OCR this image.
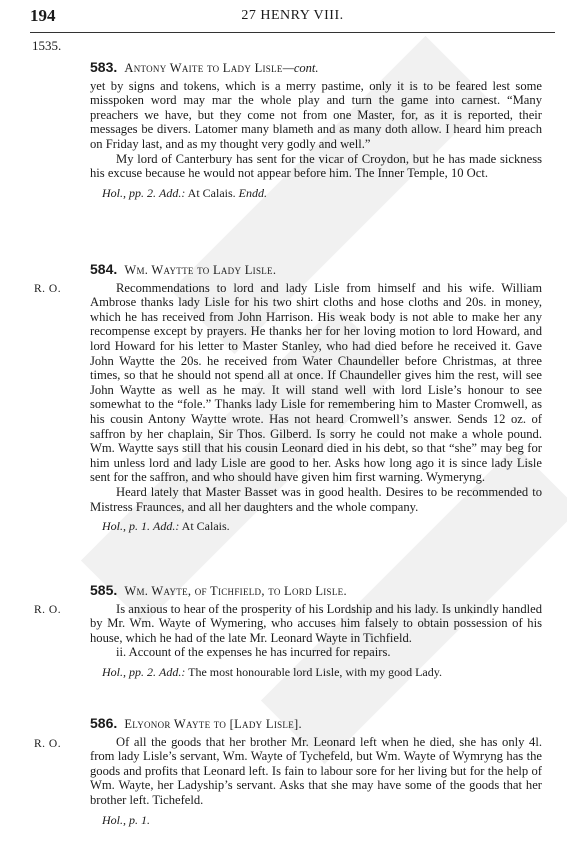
194	27 HENRY VIII.
1535.
583. Antony Waite to Lady Lisle—cont.

yet by signs and tokens, which is a merry pastime, only it is to be feared lest some misspoken word may mar the whole play and turn the game into carnest. “Many preachers we have, but they come not from one Master, for, as it is reported, their messages be divers. Latomer many blameth and as many doth allow. I heard him preach on Friday last, and as my thought very godly and well.”

My lord of Canterbury has sent for the vicar of Croydon, but he has made sickness his excuse because he would not appear before him. The Inner Temple, 10 Oct.

Hol., pp. 2. Add.: At Calais. Endd.
R. O.
584. Wm. Waytte to Lady Lisle.

Recommendations to lord and lady Lisle from himself and his wife. William Ambrose thanks lady Lisle for his two shirt cloths and hose cloths and 20s. in money, which he has received from John Harrison. His weak body is not able to make her any recompense except by prayers. He thanks her for her loving motion to lord Howard, and lord Howard for his letter to Master Stanley, who had died before he received it. Gave John Waytte the 20s. he received from Water Chaundeller before Christmas, at three times, so that he should not spend all at once. If Chaundeller gives him the rest, will see John Waytte as well as he may. It will stand well with lord Lisle’s honour to see somewhat to the “fole.” Thanks lady Lisle for remembering him to Master Cromwell, as his cousin Antony Waytte wrote. Has not heard Cromwell’s answer. Sends 12 oz. of saffron by her chaplain, Sir Thos. Gilberd. Is sorry he could not make a whole pound. Wm. Waytte says still that his cousin Leonard died in his debt, so that “she” may beg for him unless lord and lady Lisle are good to her. Asks how long ago it is since lady Lisle sent for the saffron, and who should have given him first warning. Wymeryng.

Heard lately that Master Basset was in good health. Desires to be recommended to Mistress Fraunces, and all her daughters and the whole company.

Hol., p. 1. Add.: At Calais.
R. O.
585. Wm. Wayte, of Tichfield, to Lord Lisle.

Is anxious to hear of the prosperity of his Lordship and his lady. Is unkindly handled by Mr. Wm. Wayte of Wymering, who accuses him falsely to obtain possession of his house, which he had of the late Mr. Leonard Wayte in Tichfield.

ii. Account of the expenses he has incurred for repairs.

Hol., pp. 2. Add.: The most honourable lord Lisle, with my good Lady.
R. O.
586. Elyonor Wayte to [Lady Lisle].

Of all the goods that her brother Mr. Leonard left when he died, she has only 4l. from lady Lisle’s servant, Wm. Wayte of Tychefeld, but Wm. Wayte of Wymryng has the goods and profits that Leonard left. Is fain to labour sore for her living but for the help of Wm. Wayte, her Ladyship’s servant. Asks that she may have some of the goods that her brother left. Tichefeld.

Hol., p. 1.
